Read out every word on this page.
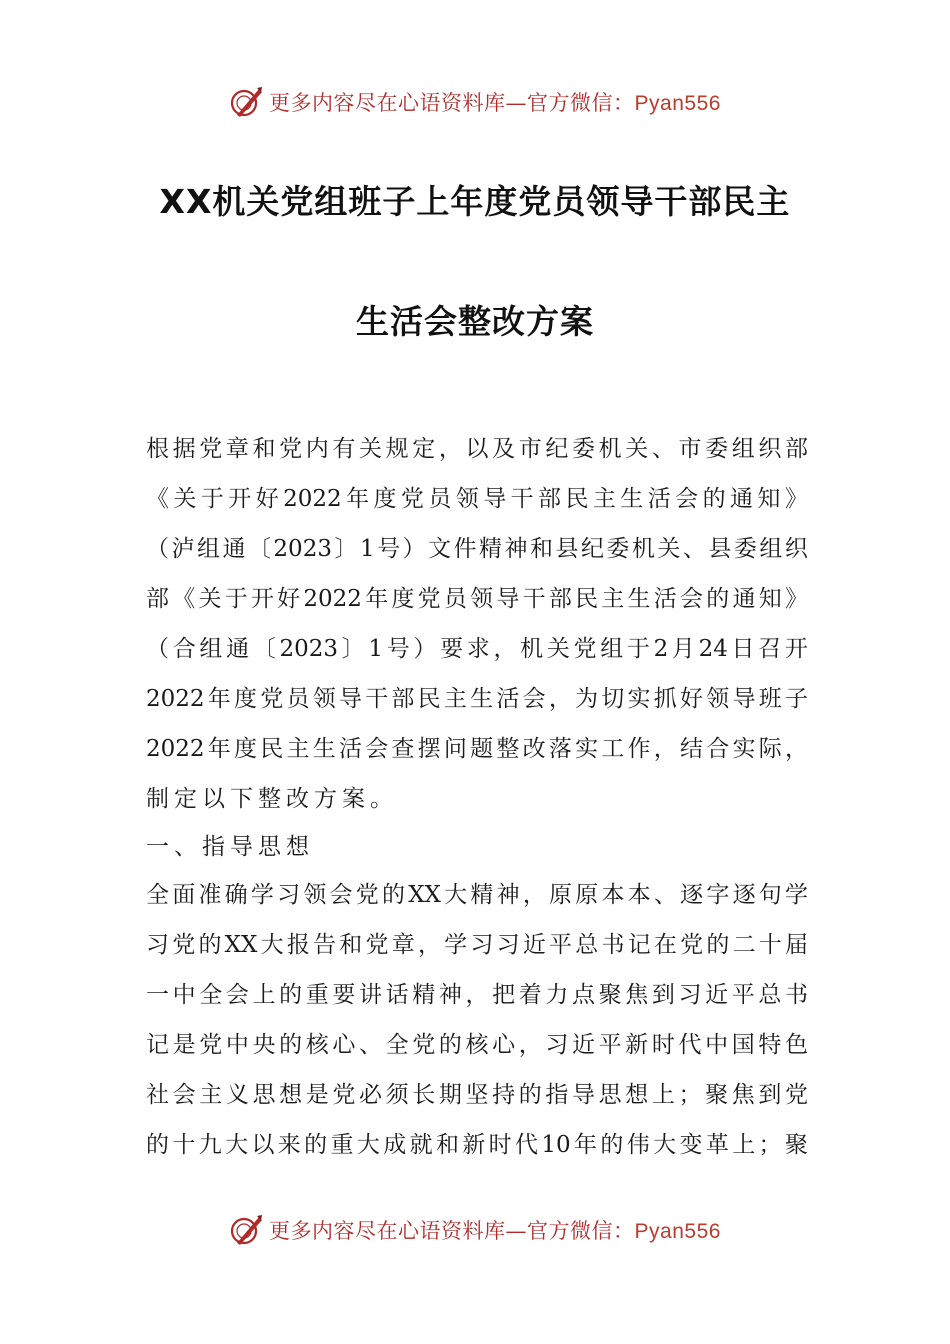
更多内容尽在心语资料库—官方微信：Pyan556
XX机关党组班子上年度党员领导干部民主
生活会整改方案
根 据 党 章 和 党 内 有 关 规 定 ， 以 及 市 纪 委 机 关 、 市 委 组 织 部
《 关 于 开 好 2022 年 度 党 员 领 导 干 部 民 主 生 活 会 的 通 知 》
（ 泸 组 通 〔 2023 〕 1 号 ） 文 件 精 神 和 县 纪 委 机 关 、 县 委 组 织
部 《 关 于 开 好 2022 年 度 党 员 领 导 干 部 民 主 生 活 会 的 通 知 》
（ 合 组 通 〔 2023 〕 1 号 ） 要 求 ， 机 关 党 组 于 2 月 24 日 召 开
2022 年 度 党 员 领 导 干 部 民 主 生 活 会 ， 为 切 实 抓 好 领 导 班 子
2022 年 度 民 主 生 活 会 查 摆 问 题 整 改 落 实 工 作 ， 结 合 实 际 ，
制定以下整改方案。
一、指导思想
全 面 准 确 学 习 领 会 党 的 XX 大 精 神 ， 原 原 本 本 、 逐 字 逐 句 学
习 党 的 XX 大 报 告 和 党 章 ， 学 习 习 近 平 总 书 记 在 党 的 二 十 届
一 中 全 会 上 的 重 要 讲 话 精 神 ， 把 着 力 点 聚 焦 到 习 近 平 总 书
记 是 党 中 央 的 核 心 、 全 党 的 核 心 ， 习 近 平 新 时 代 中 国 特 色
社 会 主 义 思 想 是 党 必 须 长 期 坚 持 的 指 导 思 想 上 ； 聚 焦 到 党
的 十 九 大 以 来 的 重 大 成 就 和 新 时 代 10 年 的 伟 大 变 革 上 ； 聚
更多内容尽在心语资料库—官方微信：Pyan556
